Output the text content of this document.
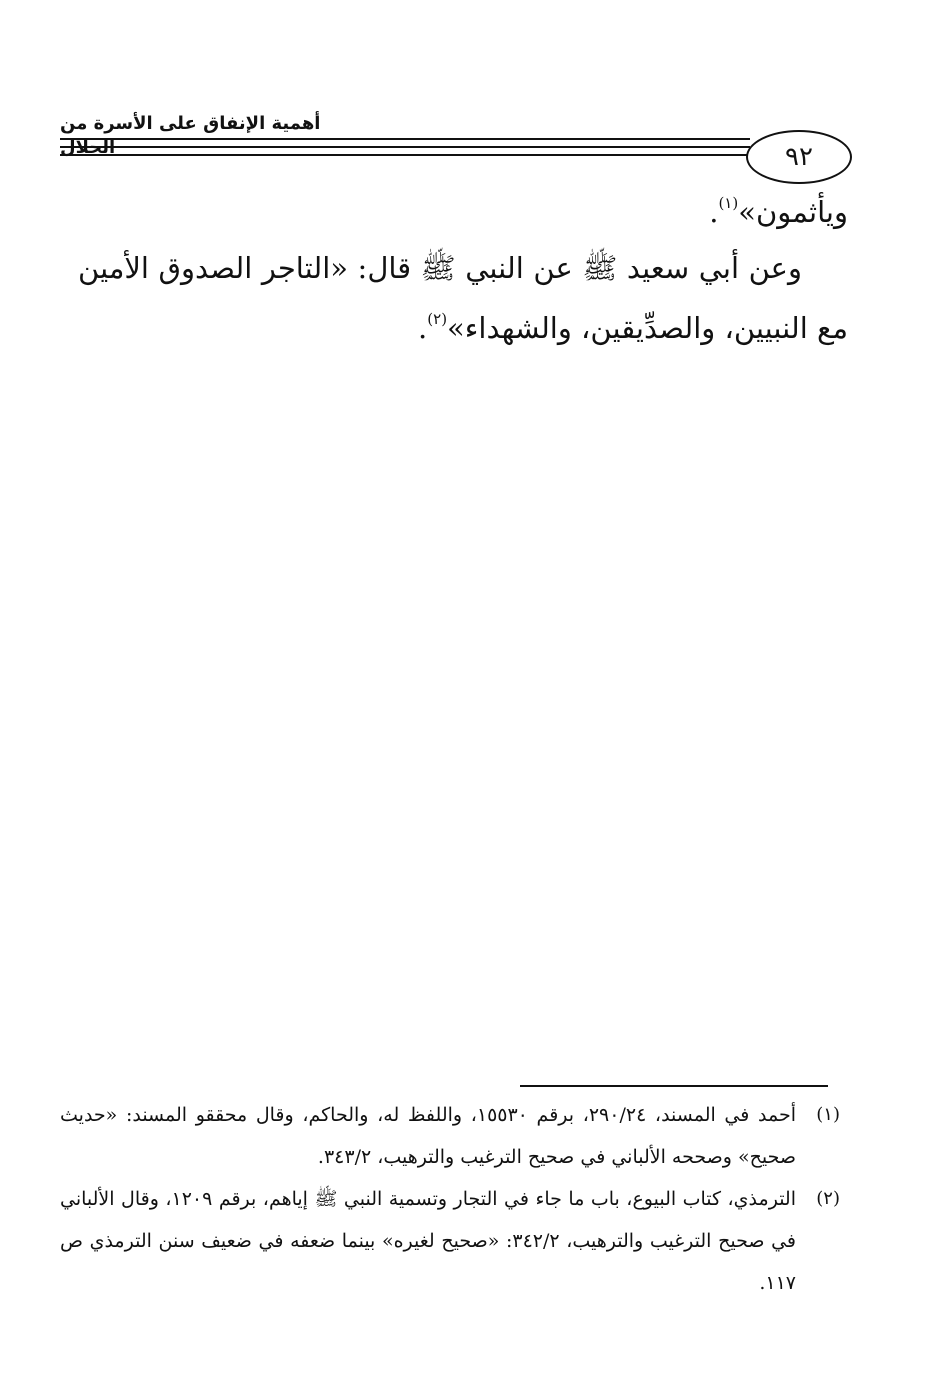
أهمية الإنفاق على الأسرة من الحلال	٩٢
ويأثمون»$^{(١)}$.
وعن أبي سعيد ﷺ عن النبي ﷺ قال: «التاجر الصدوق الأمين مع النبيين، والصدِّيقين، والشهداء»$^{(٢)}$.
(١)
أحمد في المسند، ٢٩٠/٢٤، برقم ١٥٥٣٠، واللفظ له، والحاكم، وقال محققو المسند: «حديث صحيح» وصححه الألباني في صحيح الترغيب والترهيب، ٣٤٣/٢.
(٢)
الترمذي، كتاب البيوع، باب ما جاء في التجار وتسمية النبي ﷺ إياهم، برقم ١٢٠٩، وقال الألباني في صحيح الترغيب والترهيب، ٣٤٢/٢: «صحيح لغيره» بينما ضعفه في ضعيف سنن الترمذي ص ١١٧.
